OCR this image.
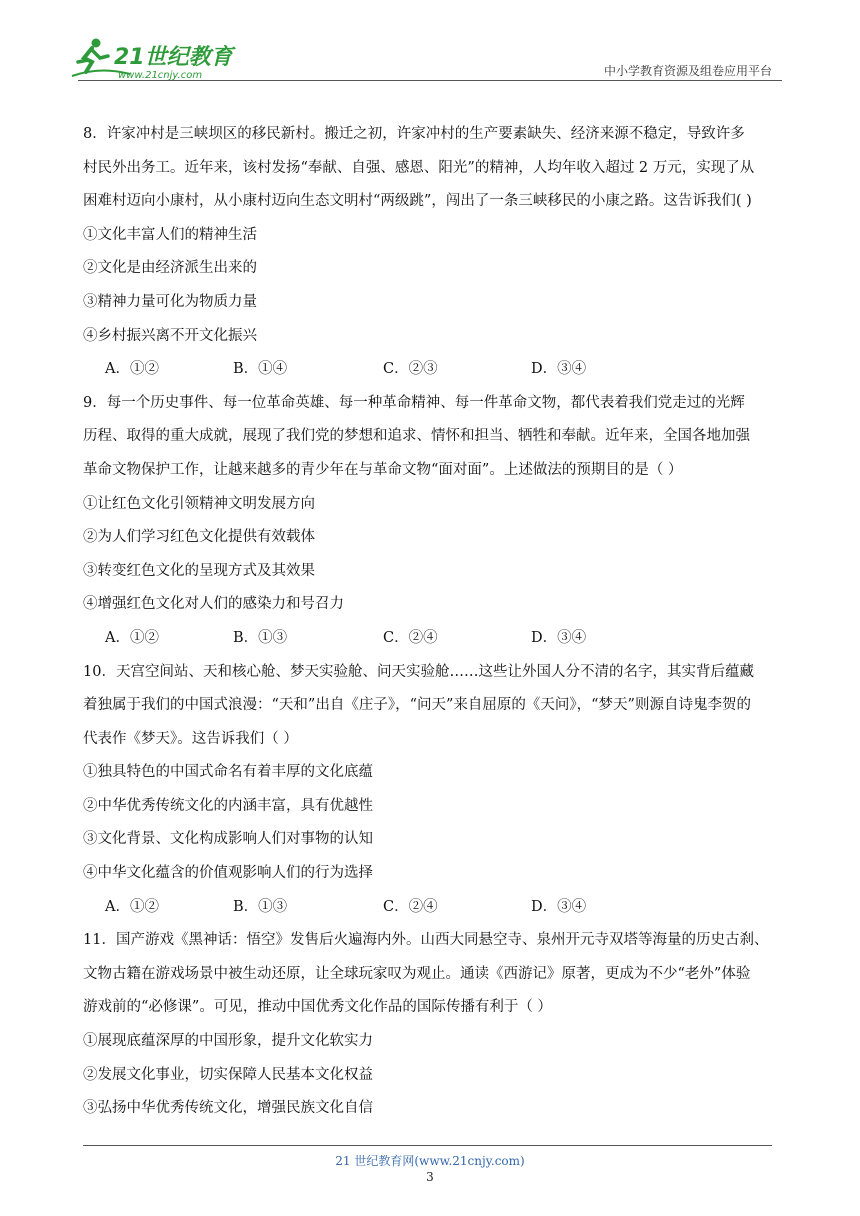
21世纪教育
www.21cnjy.com	中小学教育资源及组卷应用平台
8．许家冲村是三峡坝区的移民新村。搬迁之初，许家冲村的生产要素缺失、经济来源不稳定，导致许多
村民外出务工。近年来，该村发扬“奉献、自强、感恩、阳光”的精神，人均年收入超过 2 万元，实现了从
困难村迈向小康村，从小康村迈向生态文明村“两级跳”，闯出了一条三峡移民的小康之路。这告诉我们( )
①文化丰富人们的精神生活
②文化是由经济派生出来的
③精神力量可化为物质力量
④乡村振兴离不开文化振兴
A．①②	B．①④	C．②③	D．③④
9．每一个历史事件、每一位革命英雄、每一种革命精神、每一件革命文物，都代表着我们党走过的光辉
历程、取得的重大成就，展现了我们党的梦想和追求、情怀和担当、牺牲和奉献。近年来，全国各地加强
革命文物保护工作，让越来越多的青少年在与革命文物“面对面”。上述做法的预期目的是（ ）
①让红色文化引领精神文明发展方向
②为人们学习红色文化提供有效载体
③转变红色文化的呈现方式及其效果
④增强红色文化对人们的感染力和号召力
A．①②	B．①③	C．②④	D．③④
10．天宫空间站、天和核心舱、梦天实验舱、问天实验舱……这些让外国人分不清的名字，其实背后蕴藏
着独属于我们的中国式浪漫：“天和”出自《庄子》，“问天”来自屈原的《天问》，“梦天”则源自诗鬼李贺的
代表作《梦天》。这告诉我们（ ）
①独具特色的中国式命名有着丰厚的文化底蕴
②中华优秀传统文化的内涵丰富，具有优越性
③文化背景、文化构成影响人们对事物的认知
④中华文化蕴含的价值观影响人们的行为选择
A．①②	B．①③	C．②④	D．③④
11．国产游戏《黑神话：悟空》发售后火遍海内外。山西大同悬空寺、泉州开元寺双塔等海量的历史古刹、
文物古籍在游戏场景中被生动还原，让全球玩家叹为观止。通读《西游记》原著，更成为不少“老外”体验
游戏前的“必修课”。可见，推动中国优秀文化作品的国际传播有利于（ ）
①展现底蕴深厚的中国形象，提升文化软实力
②发展文化事业，切实保障人民基本文化权益
③弘扬中华优秀传统文化，增强民族文化自信
21 世纪教育网(www.21cnjy.com)
3
